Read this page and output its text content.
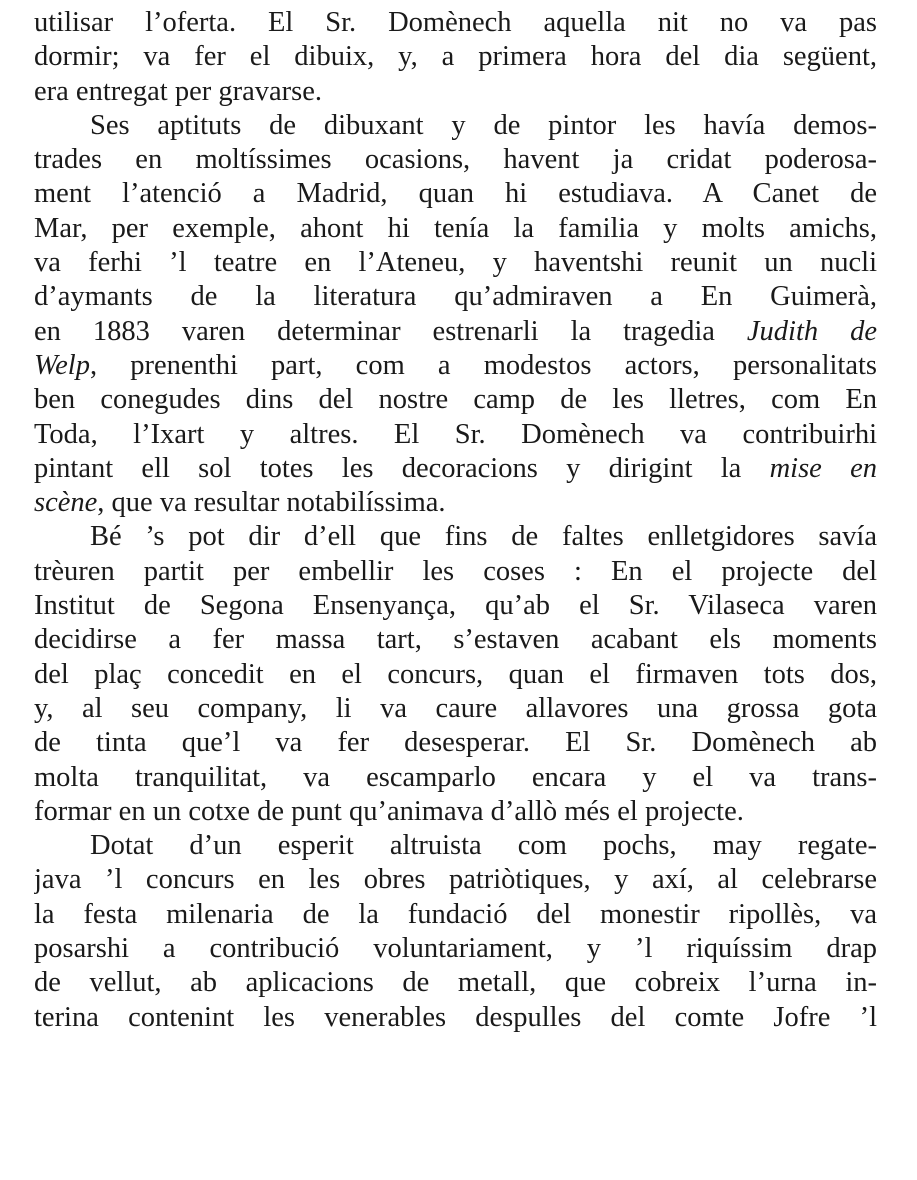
utilisar l’oferta. El Sr. Domènech aquella nit no va pas
dormir; va fer el dibuix, y, a primera hora del dia següent,
era entregat per gravarse.
Ses aptituts de dibuxant y de pintor les havía demos-
trades en moltíssimes ocasions, havent ja cridat poderosa-
ment l’atenció a Madrid, quan hi estudiava. A Canet de
Mar, per exemple, ahont hi tenía la familia y molts amichs,
va ferhi ’l teatre en l’Ateneu, y haventshi reunit un nucli
d’aymants de la literatura qu’admiraven a En Guimerà,
en 1883 varen determinar estrenarli la tragedia Judith de
Welp, prenenthi part, com a modestos actors, personalitats
ben conegudes dins del nostre camp de les lletres, com En
Toda, l’Ixart y altres. El Sr. Domènech va contribuirhi
pintant ell sol totes les decoracions y dirigint la mise en
scène, que va resultar notabilíssima.
Bé ’s pot dir d’ell que fins de faltes enlletgidores savía
trèuren partit per embellir les coses : En el projecte del
Institut de Segona Ensenyança, qu’ab el Sr. Vilaseca varen
decidirse a fer massa tart, s’estaven acabant els moments
del plaç concedit en el concurs, quan el firmaven tots dos,
y, al seu company, li va caure allavores una grossa gota
de tinta que’l va fer desesperar. El Sr. Domènech ab
molta tranquilitat, va escamparlo encara y el va trans-
formar en un cotxe de punt qu’animava d’allò més el projecte.
Dotat d’un esperit altruista com pochs, may regate-
java ’l concurs en les obres patriòtiques, y axí, al celebrarse
la festa milenaria de la fundació del monestir ripollès, va
posarshi a contribució voluntariament, y ’l riquíssim drap
de vellut, ab aplicacions de metall, que cobreix l’urna in-
terina contenint les venerables despulles del comte Jofre ’l
